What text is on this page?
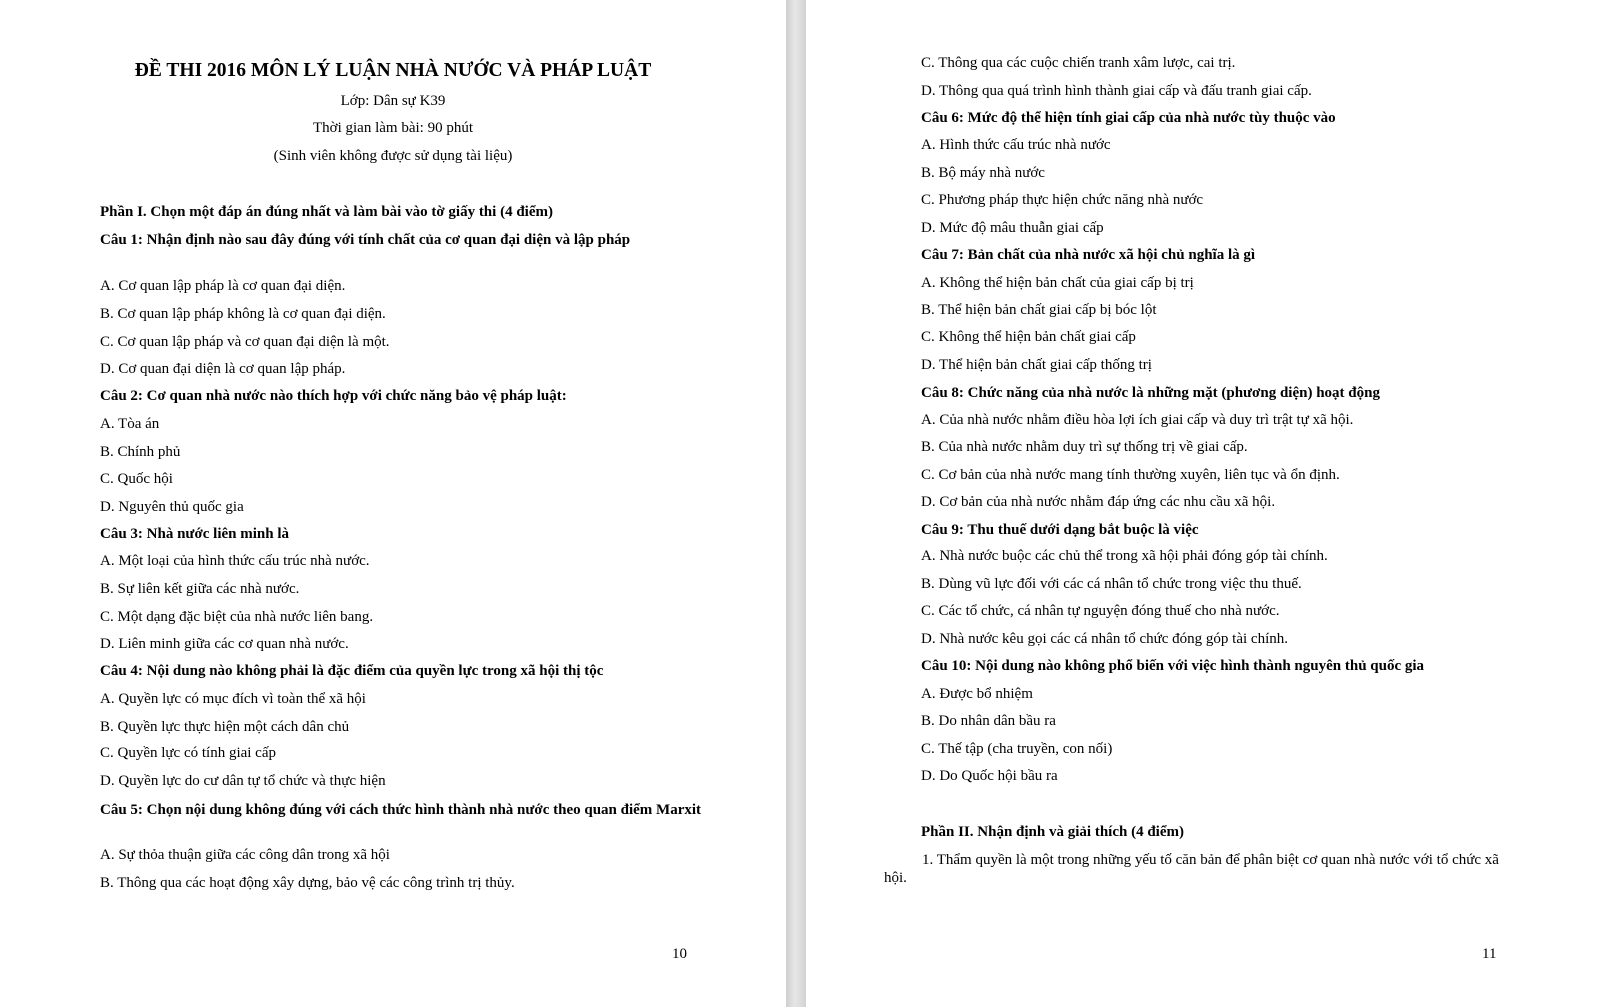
ĐỀ THI 2016 MÔN LÝ LUẬN NHÀ NƯỚC VÀ PHÁP LUẬT
Lớp: Dân sự K39
Thời gian làm bài: 90 phút
(Sinh viên không được sử dụng tài liệu)
Phần I. Chọn một đáp án đúng nhất và làm bài vào tờ giấy thi (4 điểm)
Câu 1: Nhận định nào sau đây đúng với tính chất của cơ quan đại diện và lập pháp
A. Cơ quan lập pháp là cơ quan đại diện.
B. Cơ quan lập pháp không là cơ quan đại diện.
C. Cơ quan lập pháp và cơ quan đại diện là một.
D. Cơ quan đại diện là cơ quan lập pháp.
Câu 2: Cơ quan nhà nước nào thích hợp với chức năng bảo vệ pháp luật:
A. Tòa án
B. Chính phủ
C. Quốc hội
D. Nguyên thủ quốc gia
Câu 3: Nhà nước liên minh là
A. Một loại của hình thức cấu trúc nhà nước.
B. Sự liên kết giữa các nhà nước.
C. Một dạng đặc biệt của nhà nước liên bang.
D. Liên minh giữa các cơ quan nhà nước.
Câu 4: Nội dung nào không phải là đặc điểm của quyền lực trong xã hội thị tộc
A. Quyền lực có mục đích vì toàn thể xã hội
B. Quyền lực thực hiện một cách dân chủ
C. Quyền lực có tính giai cấp
D. Quyền lực do cư dân tự tổ chức và thực hiện
Câu 5: Chọn nội dung không đúng với cách thức hình thành nhà nước theo quan điểm Marxit
A. Sự thỏa thuận giữa các công dân trong xã hội
B. Thông qua các hoạt động xây dựng, bảo vệ các công trình trị thủy.
10
C. Thông qua các cuộc chiến tranh xâm lược, cai trị.
D. Thông qua quá trình hình thành giai cấp và đấu tranh giai cấp.
Câu 6: Mức độ thể hiện tính giai cấp của nhà nước tùy thuộc vào
A. Hình thức cấu trúc nhà nước
B. Bộ máy nhà nước
C. Phương pháp thực hiện chức năng nhà nước
D. Mức độ mâu thuẫn giai cấp
Câu 7: Bản chất của nhà nước xã hội chủ nghĩa là gì
A. Không thể hiện bản chất của giai cấp bị trị
B. Thể hiện bản chất giai cấp bị bóc lột
C. Không thể hiện bản chất giai cấp
D. Thể hiện bản chất giai cấp thống trị
Câu 8: Chức năng của nhà nước là những mặt (phương diện) hoạt động
A. Của nhà nước nhằm điều hòa lợi ích giai cấp và duy trì trật tự xã hội.
B. Của nhà nước nhằm duy trì sự thống trị về giai cấp.
C. Cơ bản của nhà nước mang tính thường xuyên, liên tục và ổn định.
D. Cơ bản của nhà nước nhằm đáp ứng các nhu cầu xã hội.
Câu 9: Thu thuế dưới dạng bắt buộc là việc
A. Nhà nước buộc các chủ thể trong xã hội phải đóng góp tài chính.
B. Dùng vũ lực đối với các cá nhân tổ chức trong việc thu thuế.
C. Các tổ chức, cá nhân tự nguyện đóng thuế cho nhà nước.
D. Nhà nước kêu gọi các cá nhân tổ chức đóng góp tài chính.
Câu 10: Nội dung nào không phổ biến với việc hình thành nguyên thủ quốc gia
A. Được bổ nhiệm
B. Do nhân dân bầu ra
C. Thế tập (cha truyền, con nối)
D. Do Quốc hội bầu ra
Phần II. Nhận định và giải thích (4 điểm)
1. Thẩm quyền là một trong những yếu tố căn bản để phân biệt cơ quan nhà nước với tổ chức xã hội.
11
